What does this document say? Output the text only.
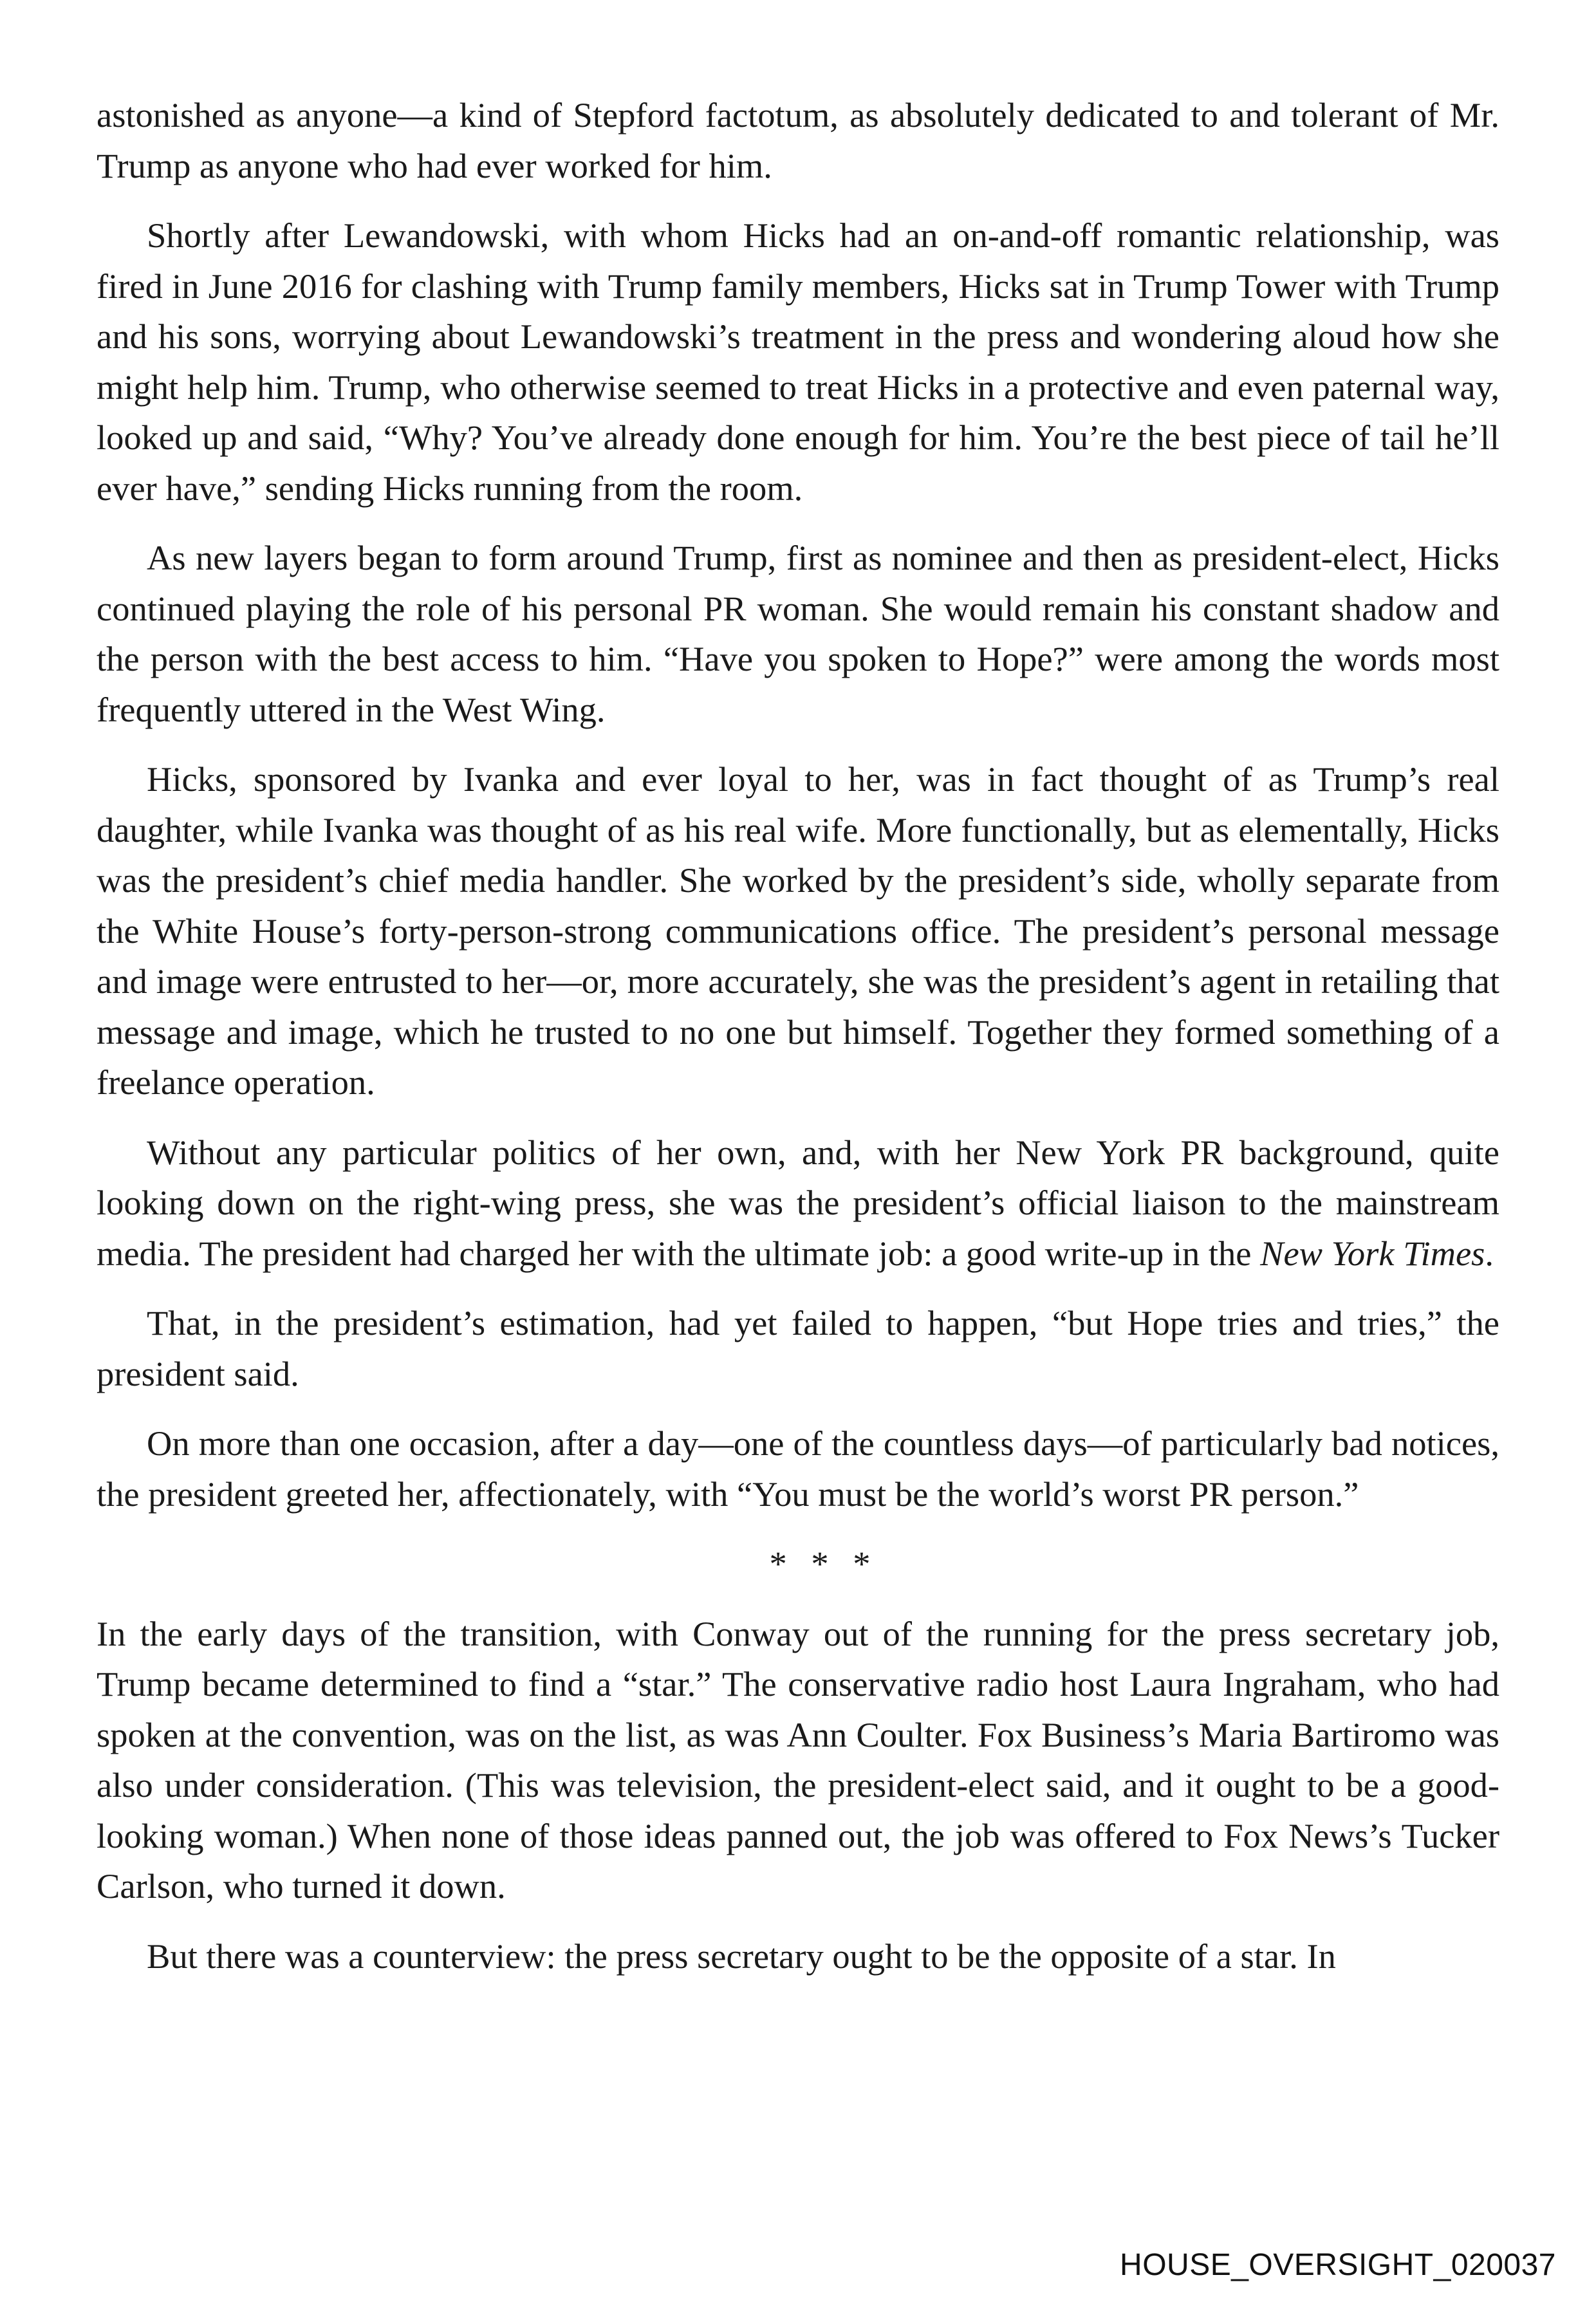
astonished as anyone—a kind of Stepford factotum, as absolutely dedicated to and tolerant of Mr. Trump as anyone who had ever worked for him.

Shortly after Lewandowski, with whom Hicks had an on-and-off romantic relationship, was fired in June 2016 for clashing with Trump family members, Hicks sat in Trump Tower with Trump and his sons, worrying about Lewandowski’s treatment in the press and wondering aloud how she might help him. Trump, who otherwise seemed to treat Hicks in a protective and even paternal way, looked up and said, “Why? You’ve already done enough for him. You’re the best piece of tail he’ll ever have,” sending Hicks running from the room.

As new layers began to form around Trump, first as nominee and then as president-elect, Hicks continued playing the role of his personal PR woman. She would remain his constant shadow and the person with the best access to him. “Have you spoken to Hope?” were among the words most frequently uttered in the West Wing.

Hicks, sponsored by Ivanka and ever loyal to her, was in fact thought of as Trump’s real daughter, while Ivanka was thought of as his real wife. More functionally, but as elementally, Hicks was the president’s chief media handler. She worked by the president’s side, wholly separate from the White House’s forty-person-strong communications office. The president’s personal message and image were entrusted to her—or, more accurately, she was the president’s agent in retailing that message and image, which he trusted to no one but himself. Together they formed something of a freelance operation.

Without any particular politics of her own, and, with her New York PR background, quite looking down on the right-wing press, she was the president’s official liaison to the mainstream media. The president had charged her with the ultimate job: a good write-up in the New York Times.

That, in the president’s estimation, had yet failed to happen, “but Hope tries and tries,” the president said.

On more than one occasion, after a day—one of the countless days—of particularly bad notices, the president greeted her, affectionately, with “You must be the world’s worst PR person.”

* * *

In the early days of the transition, with Conway out of the running for the press secretary job, Trump became determined to find a “star.” The conservative radio host Laura Ingraham, who had spoken at the convention, was on the list, as was Ann Coulter. Fox Business’s Maria Bartiromo was also under consideration. (This was television, the president-elect said, and it ought to be a good-looking woman.) When none of those ideas panned out, the job was offered to Fox News’s Tucker Carlson, who turned it down.

But there was a counterview: the press secretary ought to be the opposite of a star. In

HOUSE_OVERSIGHT_020037
